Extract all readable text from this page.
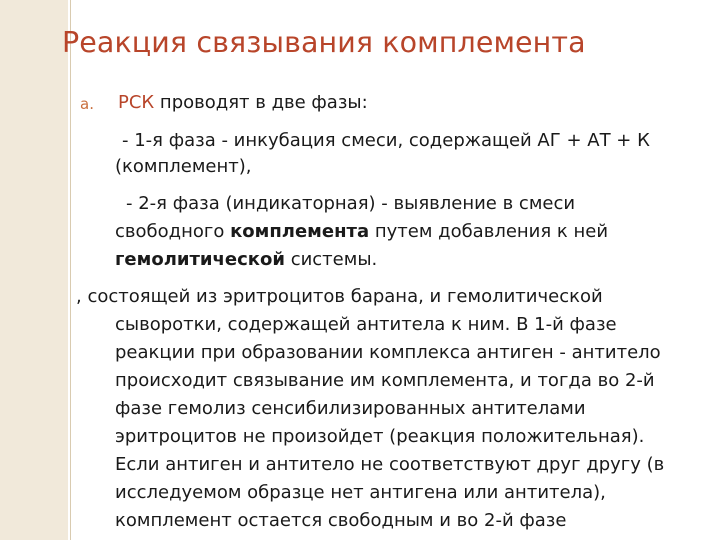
Реакция связывания комплемента
a. РСК проводят в две фазы:
- 1-я фаза - инкубация смеси, содержащей АГ + АТ + К
(комплемент),
- 2-я фаза (индикаторная) - выявление в смеси
свободного комплемента путем добавления к ней
гемолитической системы.
, состоящей из эритроцитов барана, и гемолитической
сыворотки, содержащей антитела к ним. В 1-й фазе
реакции при образовании комплекса антиген - антитело
происходит связывание им комплемента, и тогда во 2-й
фазе гемолиз сенсибилизированных антителами
эритроцитов не произойдет (реакция положительная).
Если антиген и антитело не соответствуют друг другу (в
исследуемом образце нет антигена или антитела),
комплемент остается свободным и во 2-й фазе
